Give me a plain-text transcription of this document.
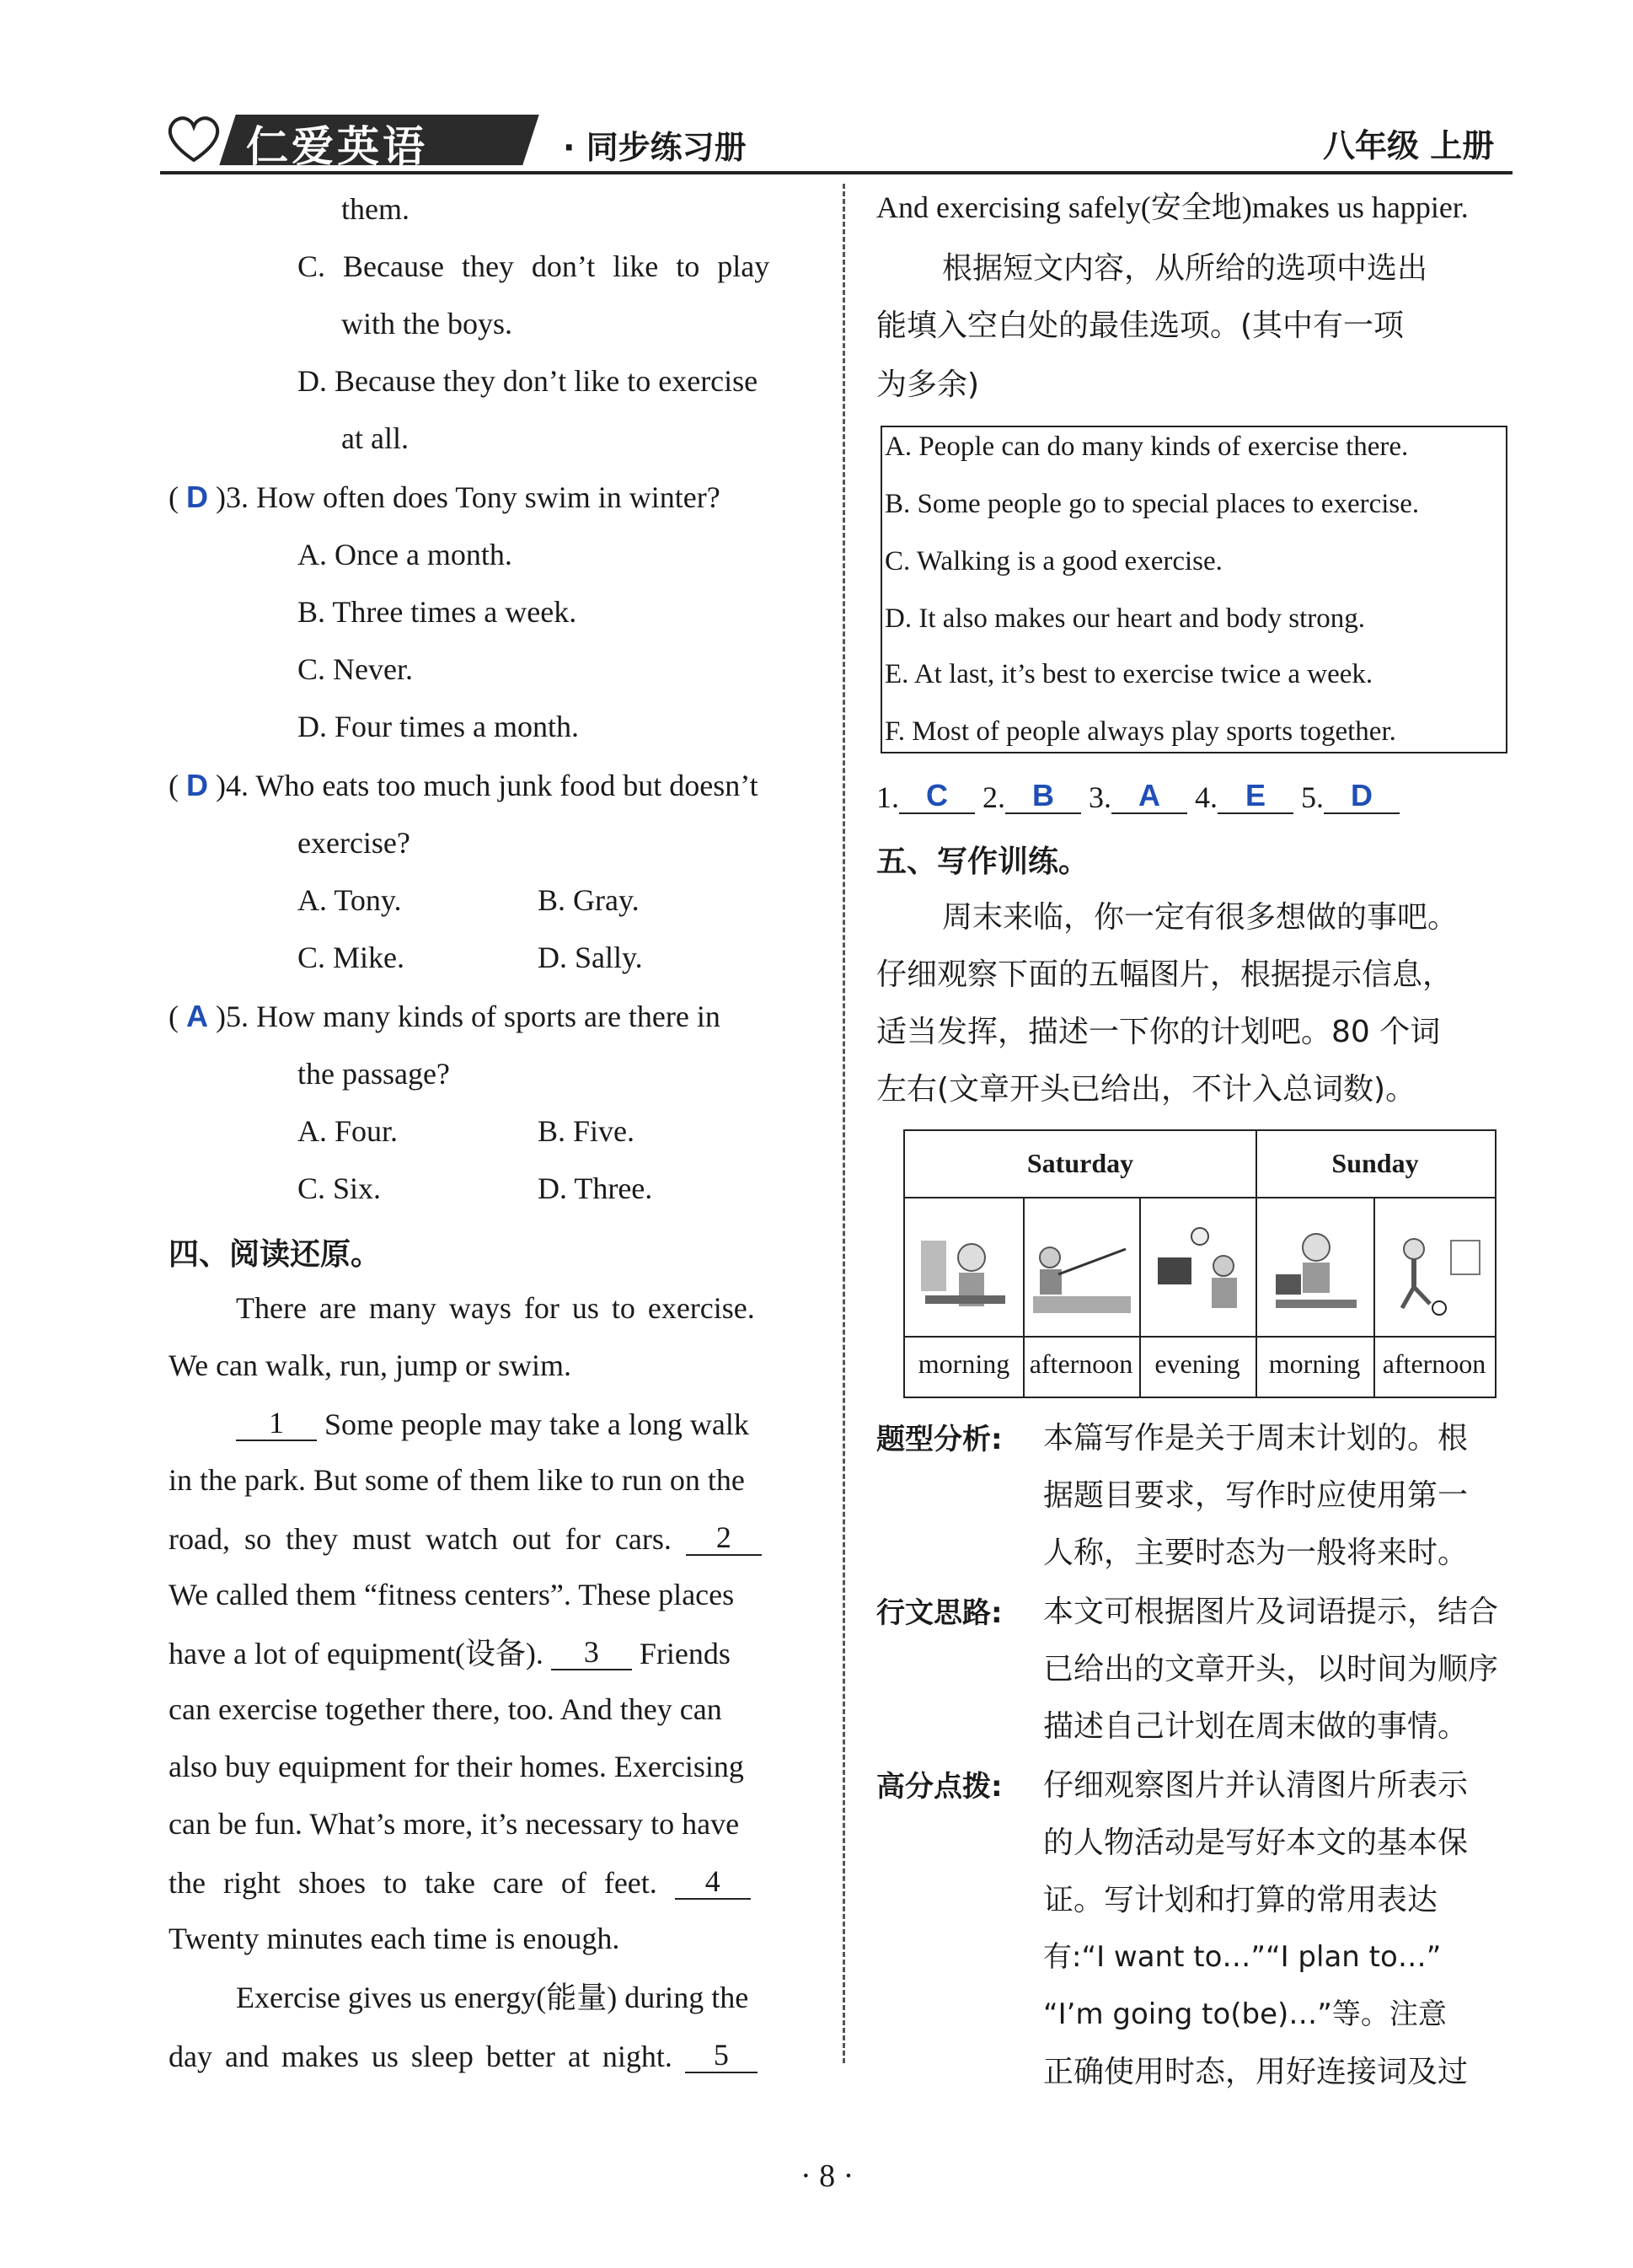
仁爱英语	· 同步练习册	八年级 上册
them.
C. Because they don’t like to play
with the boys.
D. Because they don’t like to exercise
at all.
( D )3. How often does Tony swim in winter?
A. Once a month.
B. Three times a week.
C. Never.
D. Four times a month.
( D )4. Who eats too much junk food but doesn’t
exercise?
A. Tony.	B. Gray.
C. Mike.	D. Sally.
( A )5. How many kinds of sports are there in
the passage?
A. Four.	B. Five.
C. Six.	D. Three.
四、阅读还原。
There are many ways for us to exercise.
We can walk, run, jump or swim.
1 Some people may take a long walk
in the park. But some of them like to run on the
road, so they must watch out for cars. 2
We called them “fitness centers”. These places
have a lot of equipment(设备). 3 Friends
can exercise together there, too. And they can
also buy equipment for their homes. Exercising
can be fun. What’s more, it’s necessary to have
the right shoes to take care of feet. 4
Twenty minutes each time is enough.
Exercise gives us energy(能量) during the
day and makes us sleep better at night. 5
And exercising safely(安全地)makes us happier.
根据短文内容，从所给的选项中选出
能填入空白处的最佳选项。(其中有一项
为多余)
A. People can do many kinds of exercise there.
B. Some people go to special places to exercise.
C. Walking is a good exercise.
D. It also makes our heart and body strong.
E. At last, it’s best to exercise twice a week.
F. Most of people always play sports together.
1. C 2. B 3. A 4. E 5. D
五、写作训练。
周末来临，你一定有很多想做的事吧。
仔细观察下面的五幅图片，根据提示信息，
适当发挥，描述一下你的计划吧。80 个词
左右(文章开头已给出，不计入总词数)。
Saturday	Sunday
morning afternoon evening	morning afternoon
题型分析: 本篇写作是关于周末计划的。根
据题目要求，写作时应使用第一
人称，主要时态为一般将来时。
行文思路: 本文可根据图片及词语提示，结合
已给出的文章开头，以时间为顺序
描述自己计划在周末做的事情。
高分点拨: 仔细观察图片并认清图片所表示
的人物活动是写好本文的基本保
证。写计划和打算的常用表达
有:“I want to…”“I plan to…”
“I’m going to(be)…”等。注意
正确使用时态，用好连接词及过
· 8 ·
